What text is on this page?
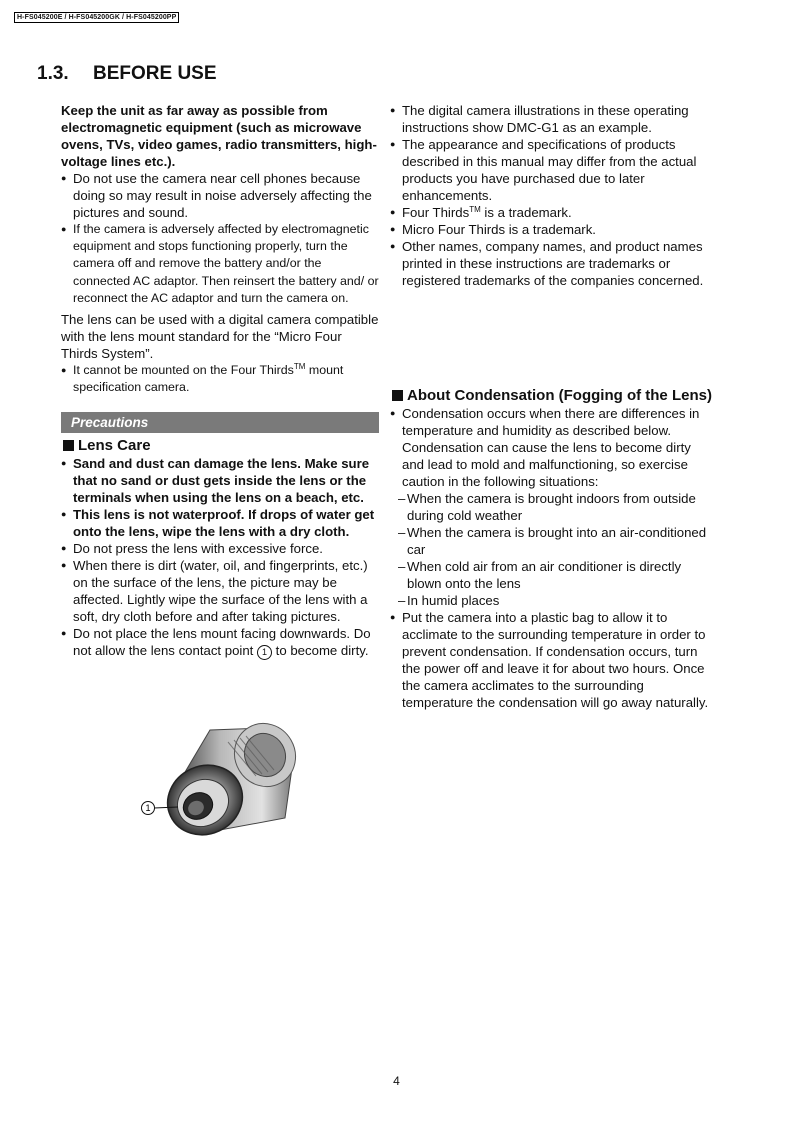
H-FS045200E / H-FS045200GK / H-FS045200PP
1.3. BEFORE USE

Keep the unit as far away as possible from electromagnetic equipment (such as microwave ovens, TVs, video games, radio transmitters, high-voltage lines etc.).

● Do not use the camera near cell phones because doing so may result in noise adversely affecting the pictures and sound.
● If the camera is adversely affected by electromagnetic equipment and stops functioning properly, turn the camera off and remove the battery and/or the connected AC adaptor. Then reinsert the battery and/ or reconnect the AC adaptor and turn the camera on.

The lens can be used with a digital camera compatible with the lens mount standard for the “Micro Four Thirds System”.

● It cannot be mounted on the Four Thirds™ mount specification camera.
Precautions
Lens Care
● Sand and dust can damage the lens. Make sure that no sand or dust gets inside the lens or the terminals when using the lens on a beach, etc.
● This lens is not waterproof. If drops of water get onto the lens, wipe the lens with a dry cloth.
● Do not press the lens with excessive force.
● When there is dirt (water, oil, and fingerprints, etc.) on the surface of the lens, the picture may be affected. Lightly wipe the surface of the lens with a soft, dry cloth before and after taking pictures.
● Do not place the lens mount facing downwards. Do not allow the lens contact point 1 to become dirty.
1
● The digital camera illustrations in these operating instructions show DMC-G1 as an example.
● The appearance and specifications of products described in this manual may differ from the actual products you have purchased due to later enhancements.
● Four Thirds™ is a trademark.
● Micro Four Thirds is a trademark.
● Other names, company names, and product names printed in these instructions are trademarks or registered trademarks of the companies concerned.
About Condensation (Fogging of the Lens)
● Condensation occurs when there are differences in temperature and humidity as described below. Condensation can cause the lens to become dirty and lead to mold and malfunctioning, so exercise caution in the following situations:
– When the camera is brought indoors from outside during cold weather
– When the camera is brought into an air-conditioned car
– When cold air from an air conditioner is directly blown onto the lens
– In humid places
● Put the camera into a plastic bag to allow it to acclimate to the surrounding temperature in order to prevent condensation. If condensation occurs, turn the power off and leave it for about two hours. Once the camera acclimates to the surrounding temperature the condensation will go away naturally.
4
